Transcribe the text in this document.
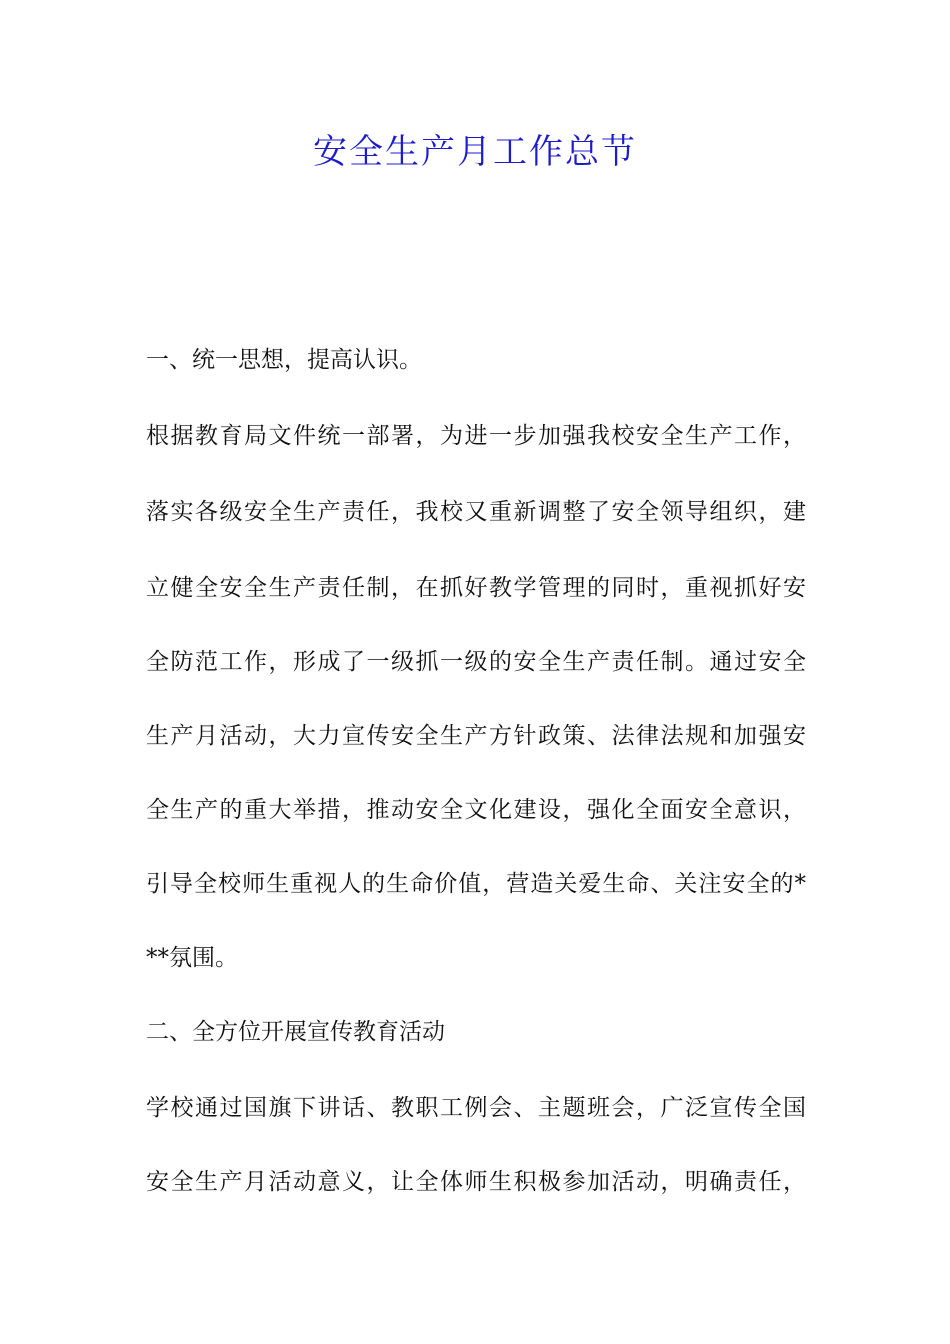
安全生产月工作总节
一、统一思想，提高认识。
根据教育局文件统一部署，为进一步加强我校安全生产工作，
落实各级安全生产责任，我校又重新调整了安全领导组织，建
立健全安全生产责任制，在抓好教学管理的同时，重视抓好安
全防范工作，形成了一级抓一级的安全生产责任制。通过安全
生产月活动，大力宣传安全生产方针政策、法律法规和加强安
全生产的重大举措，推动安全文化建设，强化全面安全意识，
引导全校师生重视人的生命价值，营造关爱生命、关注安全的*
**氛围。
二、全方位开展宣传教育活动
学校通过国旗下讲话、教职工例会、主题班会，广泛宣传全国
安全生产月活动意义，让全体师生积极参加活动，明确责任，
